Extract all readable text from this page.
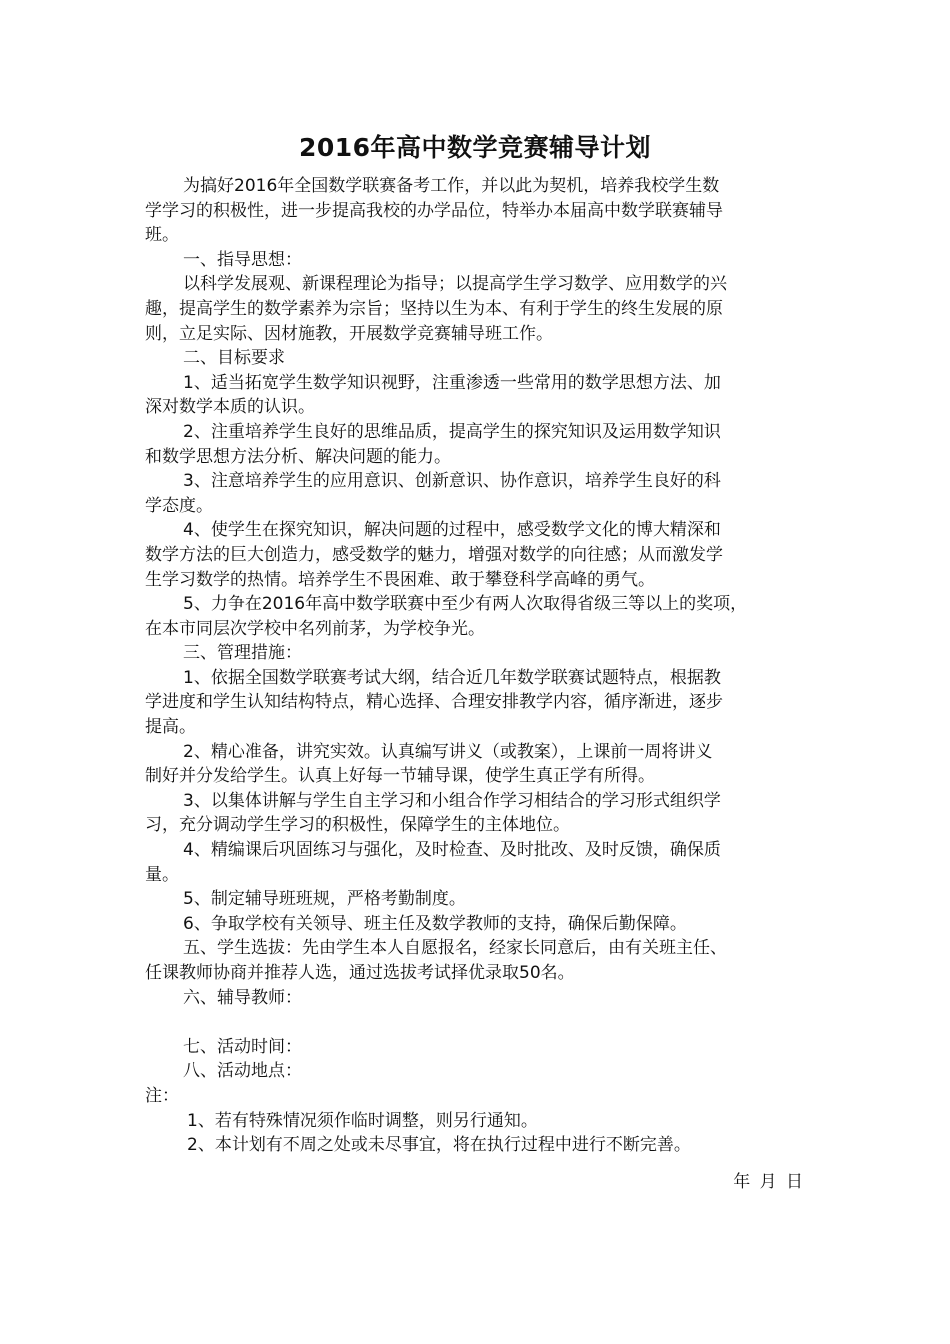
2016年高中数学竞赛辅导计划
为搞好2016年全国数学联赛备考工作，并以此为契机，培养我校学生数
学学习的积极性，进一步提高我校的办学品位，特举办本届高中数学联赛辅导
班。
一、指导思想：
以科学发展观、新课程理论为指导；以提高学生学习数学、应用数学的兴
趣，提高学生的数学素养为宗旨；坚持以生为本、有利于学生的终生发展的原
则，立足实际、因材施教，开展数学竞赛辅导班工作。
二、目标要求
1、适当拓宽学生数学知识视野，注重渗透一些常用的数学思想方法、加
深对数学本质的认识。
2、注重培养学生良好的思维品质，提高学生的探究知识及运用数学知识
和数学思想方法分析、解决问题的能力。
3、注意培养学生的应用意识、创新意识、协作意识，培养学生良好的科
学态度。
4、使学生在探究知识，解决问题的过程中，感受数学文化的博大精深和
数学方法的巨大创造力，感受数学的魅力，增强对数学的向往感；从而激发学
生学习数学的热情。培养学生不畏困难、敢于攀登科学高峰的勇气。
5、力争在2016年高中数学联赛中至少有两人次取得省级三等以上的奖项，
在本市同层次学校中名列前茅，为学校争光。
三、管理措施：
1、依据全国数学联赛考试大纲，结合近几年数学联赛试题特点，根据教
学进度和学生认知结构特点，精心选择、合理安排教学内容，循序渐进，逐步
提高。
2、精心准备，讲究实效。认真编写讲义（或教案），上课前一周将讲义
制好并分发给学生。认真上好每一节辅导课，使学生真正学有所得。
3、以集体讲解与学生自主学习和小组合作学习相结合的学习形式组织学
习，充分调动学生学习的积极性，保障学生的主体地位。
4、精编课后巩固练习与强化，及时检查、及时批改、及时反馈，确保质
量。
5、制定辅导班班规，严格考勤制度。
6、争取学校有关领导、班主任及数学教师的支持，确保后勤保障。
五、学生选拔：先由学生本人自愿报名，经家长同意后，由有关班主任、
任课教师协商并推荐人选，通过选拔考试择优录取50名。
六、辅导教师：
七、活动时间：
八、活动地点：
注：
1、若有特殊情况须作临时调整，则另行通知。
2、本计划有不周之处或未尽事宜，将在执行过程中进行不断完善。
年 月 日
